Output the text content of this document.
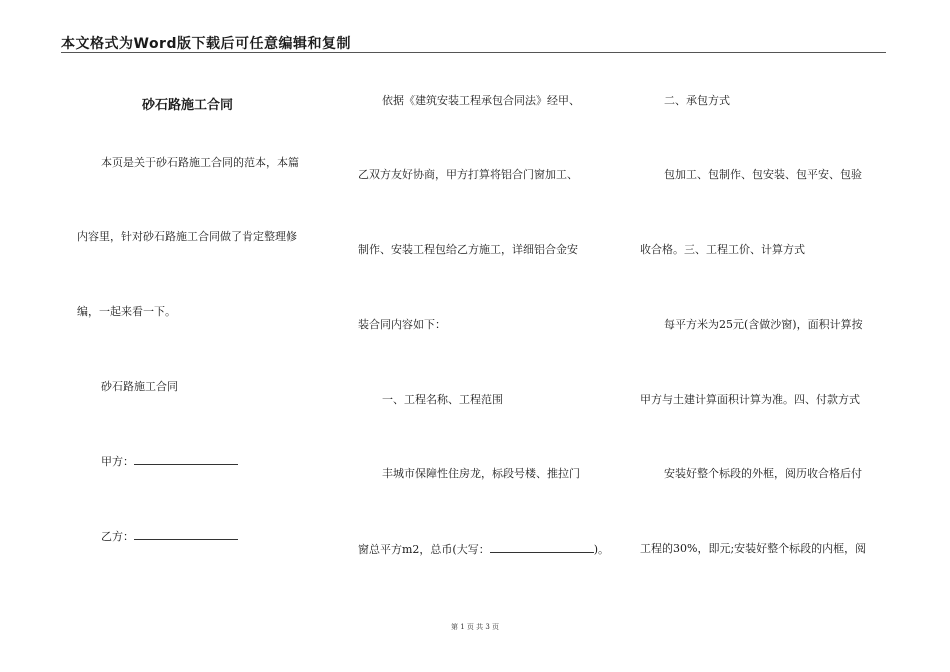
本文格式为Word版下载后可任意编辑和复制
砂石路施工合同
本页是关于砂石路施工合同的范本，本篇
内容里，针对砂石路施工合同做了肯定整理修
编，一起来看一下。
砂石路施工合同
甲方：
乙方：
依据《建筑安装工程承包合同法》经甲、
乙双方友好协商，甲方打算将铝合门窗加工、
制作、安装工程包给乙方施工，详细铝合金安
装合同内容如下：
一、工程名称、工程范围
丰城市保障性住房龙，标段号楼、推拉门
窗总平方m2，总币(大写：	)。
二、承包方式
包加工、包制作、包安装、包平安、包验
收合格。三、工程工价、计算方式
每平方米为25元(含做沙窗)，面积计算按
甲方与土建计算面积计算为准。四、付款方式
安装好整个标段的外框，阅历收合格后付
工程的30%，即元;安装好整个标段的内框，阅
第 1 页 共 3 页
